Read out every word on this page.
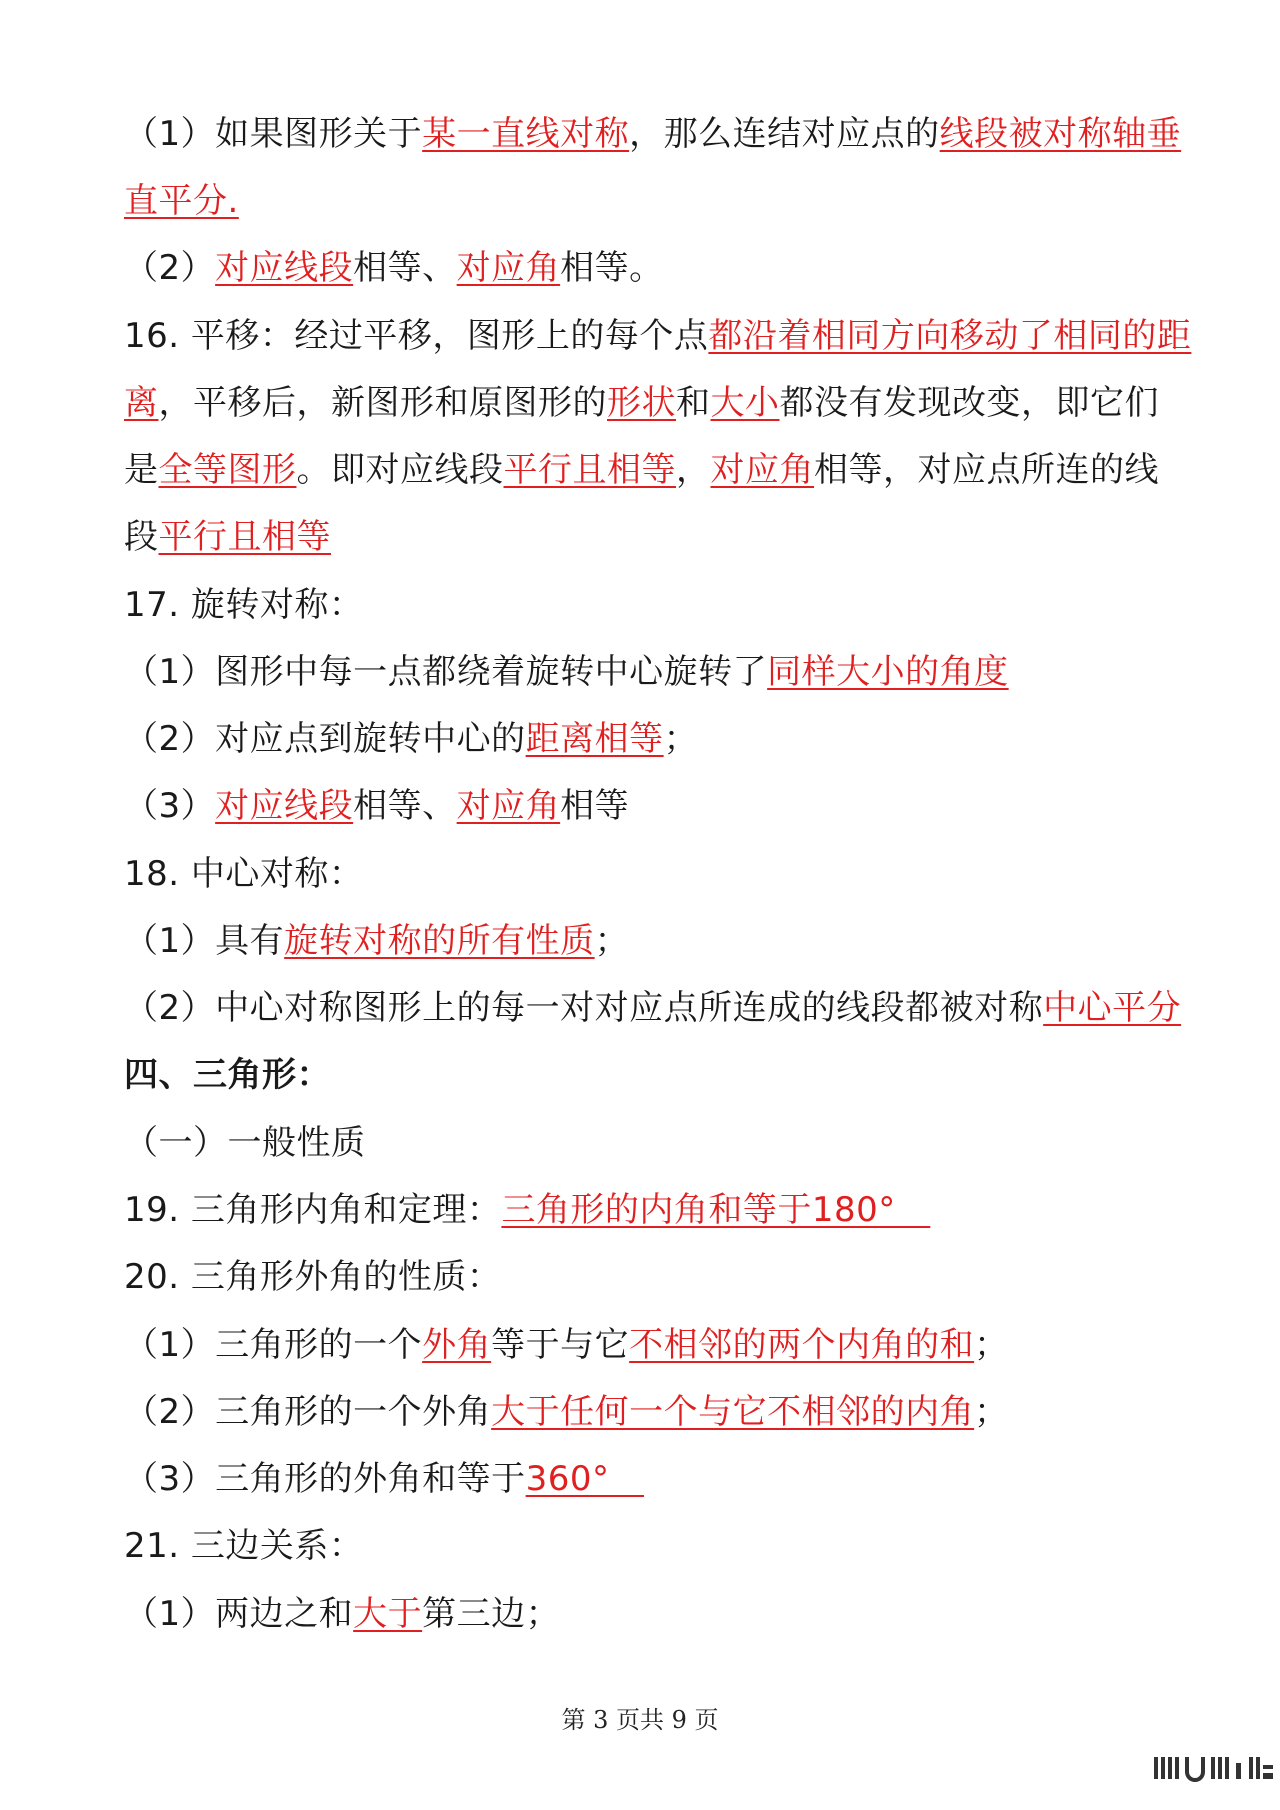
（1）如果图形关于某一直线对称，那么连结对应点的线段被对称轴垂
直平分.
（2）对应线段相等、对应角相等。
16. 平移：经过平移，图形上的每个点都沿着相同方向移动了相同的距
离，平移后，新图形和原图形的形状和大小都没有发现改变，即它们
是全等图形。即对应线段平行且相等，对应角相等，对应点所连的线
段平行且相等
17. 旋转对称：
（1）图形中每一点都绕着旋转中心旋转了同样大小的角度
（2）对应点到旋转中心的距离相等；
（3）对应线段相等、对应角相等
18. 中心对称：
（1）具有旋转对称的所有性质；
（2）中心对称图形上的每一对对应点所连成的线段都被对称中心平分
四、三角形：
（一）一般性质
19. 三角形内角和定理：三角形的内角和等于180°　
20. 三角形外角的性质：
（1）三角形的一个外角等于与它不相邻的两个内角的和；
（2）三角形的一个外角大于任何一个与它不相邻的内角；
（3）三角形的外角和等于360°　
21. 三边关系：
（1）两边之和大于第三边；
第 3 页共 9 页
